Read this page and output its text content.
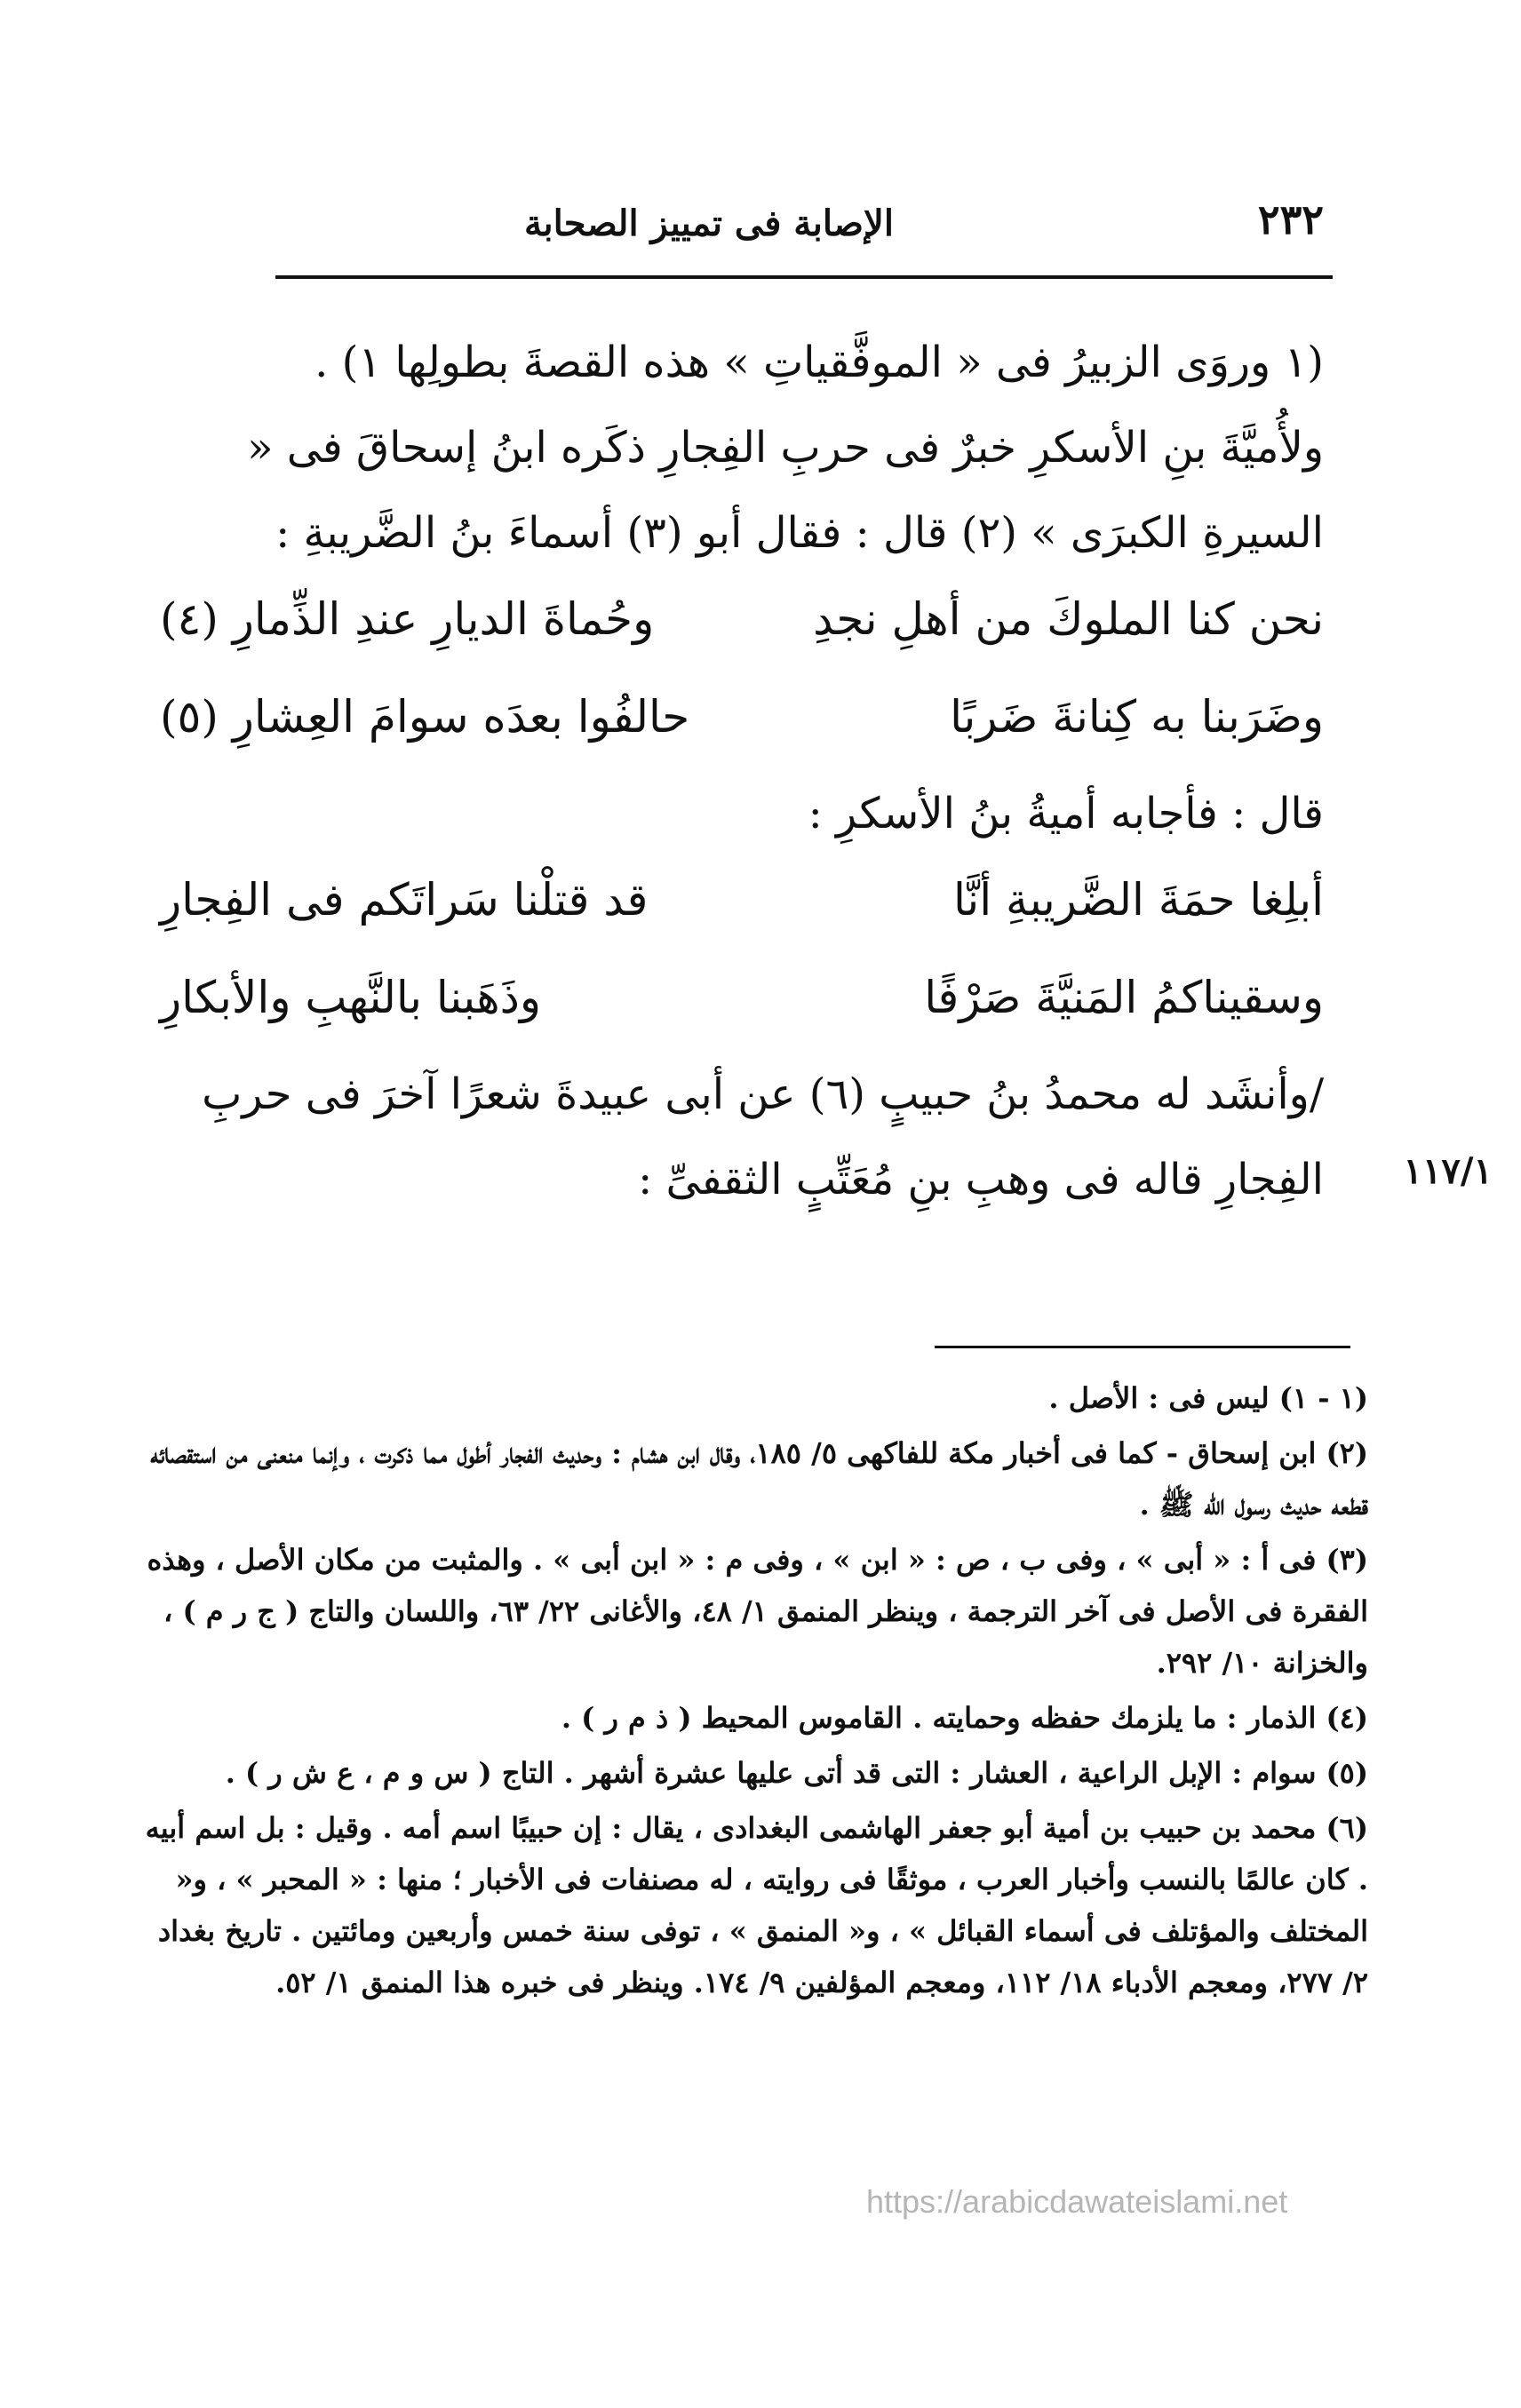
٢٣٢
الإصابة فى تمييز الصحابة

(١ وروَى الزبيرُ فى « الموفَّقياتِ » هذه القصةَ بطولِها ١) .

ولأُميَّةَ بنِ الأسكرِ خبرٌ فى حربِ الفِجارِ ذكَره ابنُ إسحاقَ فى « السيرةِ الكبرَى » (٢) قال : فقال أبو (٣) أسماءَ بنُ الضَّريبةِ :

نحن كنا الملوكَ من أهلِ نجدِ
وحُماةَ الديارِ عندِ الذِّمارِ (٤)
وضَرَبنا به كِنانةَ ضَربًا
حالفُوا بعدَه سوامَ العِشارِ (٥)

قال : فأجابه أميةُ بنُ الأسكرِ :

أبلِغا حمَةَ الضَّريبةِ أنَّا
قد قتلْنا سَراتَكم فى الفِجارِ
وسقيناكمُ المَنيَّةَ صَرْفًا
وذَهَبنا بالنَّهبِ والأبكارِ

/وأنشَد له محمدُ بنُ حبيبٍ (٦) عن أبى عبيدةَ شعرًا آخرَ فى حربِ الفِجارِ قاله فى وهبِ بنِ مُعَتِّبٍ الثقفىِّ : ١١٧/١

(١ - ١) ليس فى : الأصل .

(٢) ابن إسحاق - كما فى أخبار مكة للفاكهى ٥/ ١٨٥، وقال ابن هشام : وحديث الفجار أطول مما ذكرت ، وإنما منعنى من استقصائه قطعه حديث رسول الله ﷺ .

(٣) فى أ : « أبى » ، وفى ب ، ص : « ابن » ، وفى م : « ابن أبى » . والمثبت من مكان الأصل ، وهذه الفقرة فى الأصل فى آخر الترجمة ، وينظر المنمق ١/ ٤٨، والأغانى ٢٢/ ٦٣، واللسان والتاج ( ج ر م ) ، والخزانة ١٠/ ٢٩٢.

(٤) الذمار : ما يلزمك حفظه وحمايته . القاموس المحيط ( ذ م ر ) .

(٥) سوام : الإبل الراعية ، العشار : التى قد أتى عليها عشرة أشهر . التاج ( س و م ، ع ش ر ) .

(٦) محمد بن حبيب بن أمية أبو جعفر الهاشمى البغدادى ، يقال : إن حبيبًا اسم أمه . وقيل : بل اسم أبيه . كان عالمًا بالنسب وأخبار العرب ، موثقًا فى روايته ، له مصنفات فى الأخبار ؛ منها : « المحبر » ، و« المختلف والمؤتلف فى أسماء القبائل » ، و« المنمق » ، توفى سنة خمس وأربعين ومائتين . تاريخ بغداد ٢/ ٢٧٧، ومعجم الأدباء ١٨/ ١١٢، ومعجم المؤلفين ٩/ ١٧٤. وينظر فى خبره هذا المنمق ١/ ٥٢.

https://arabicdawateislami.net
